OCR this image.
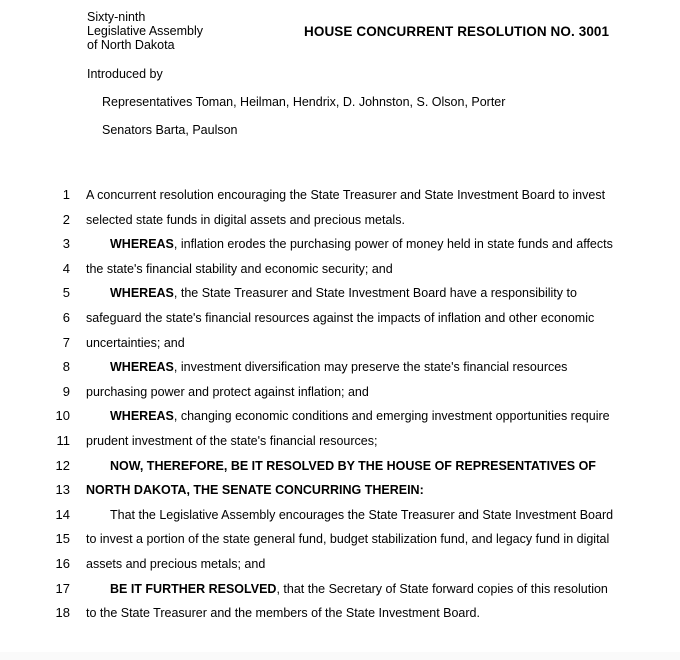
Sixty-ninth
Legislative Assembly
of North Dakota
HOUSE CONCURRENT RESOLUTION NO. 3001
Introduced by
Representatives Toman, Heilman, Hendrix, D. Johnston, S. Olson, Porter
Senators Barta, Paulson
1 A concurrent resolution encouraging the State Treasurer and State Investment Board to invest
2 selected state funds in digital assets and precious metals.
3	WHEREAS, inflation erodes the purchasing power of money held in state funds and affects
4 the state's financial stability and economic security; and
5	WHEREAS, the State Treasurer and State Investment Board have a responsibility to
6 safeguard the state's financial resources against the impacts of inflation and other economic
7 uncertainties; and
8	WHEREAS, investment diversification may preserve the state's financial resources
9 purchasing power and protect against inflation; and
10	WHEREAS, changing economic conditions and emerging investment opportunities require
11 prudent investment of the state's financial resources;
12	NOW, THEREFORE, BE IT RESOLVED BY THE HOUSE OF REPRESENTATIVES OF
13 NORTH DAKOTA, THE SENATE CONCURRING THEREIN:
14	That the Legislative Assembly encourages the State Treasurer and State Investment Board
15 to invest a portion of the state general fund, budget stabilization fund, and legacy fund in digital
16 assets and precious metals; and
17	BE IT FURTHER RESOLVED, that the Secretary of State forward copies of this resolution
18 to the State Treasurer and the members of the State Investment Board.
